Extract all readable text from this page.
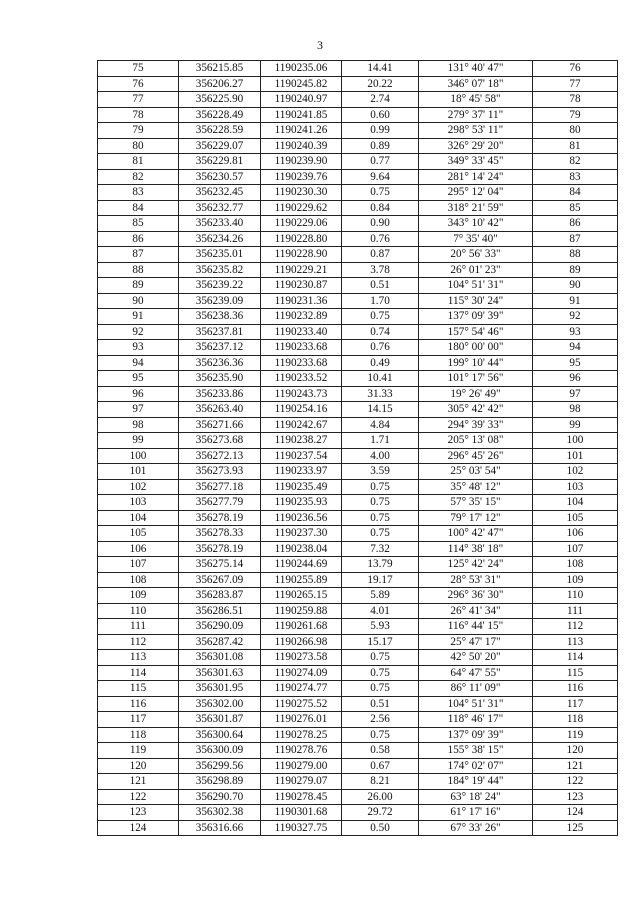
3
75	356215.85	1190235.06	14.41	131° 40' 47"	76
76	356206.27	1190245.82	20.22	346° 07' 18"	77
77	356225.90	1190240.97	2.74	18° 45' 58"	78
78	356228.49	1190241.85	0.60	279° 37' 11"	79
79	356228.59	1190241.26	0.99	298° 53' 11"	80
80	356229.07	1190240.39	0.89	326° 29' 20"	81
81	356229.81	1190239.90	0.77	349° 33' 45"	82
82	356230.57	1190239.76	9.64	281° 14' 24"	83
83	356232.45	1190230.30	0.75	295° 12' 04"	84
84	356232.77	1190229.62	0.84	318° 21' 59"	85
85	356233.40	1190229.06	0.90	343° 10' 42"	86
86	356234.26	1190228.80	0.76	7° 35' 40"	87
87	356235.01	1190228.90	0.87	20° 56' 33"	88
88	356235.82	1190229.21	3.78	26° 01' 23"	89
89	356239.22	1190230.87	0.51	104° 51' 31"	90
90	356239.09	1190231.36	1.70	115° 30' 24"	91
91	356238.36	1190232.89	0.75	137° 09' 39"	92
92	356237.81	1190233.40	0.74	157° 54' 46"	93
93	356237.12	1190233.68	0.76	180° 00' 00"	94
94	356236.36	1190233.68	0.49	199° 10' 44"	95
95	356235.90	1190233.52	10.41	101° 17' 56"	96
96	356233.86	1190243.73	31.33	19° 26' 49"	97
97	356263.40	1190254.16	14.15	305° 42' 42"	98
98	356271.66	1190242.67	4.84	294° 39' 33"	99
99	356273.68	1190238.27	1.71	205° 13' 08"	100
100	356272.13	1190237.54	4.00	296° 45' 26"	101
101	356273.93	1190233.97	3.59	25° 03' 54"	102
102	356277.18	1190235.49	0.75	35° 48' 12"	103
103	356277.79	1190235.93	0.75	57° 35' 15"	104
104	356278.19	1190236.56	0.75	79° 17' 12"	105
105	356278.33	1190237.30	0.75	100° 42' 47"	106
106	356278.19	1190238.04	7.32	114° 38' 18"	107
107	356275.14	1190244.69	13.79	125° 42' 24"	108
108	356267.09	1190255.89	19.17	28° 53' 31"	109
109	356283.87	1190265.15	5.89	296° 36' 30"	110
110	356286.51	1190259.88	4.01	26° 41' 34"	111
111	356290.09	1190261.68	5.93	116° 44' 15"	112
112	356287.42	1190266.98	15.17	25° 47' 17"	113
113	356301.08	1190273.58	0.75	42° 50' 20"	114
114	356301.63	1190274.09	0.75	64° 47' 55"	115
115	356301.95	1190274.77	0.75	86° 11' 09"	116
116	356302.00	1190275.52	0.51	104° 51' 31"	117
117	356301.87	1190276.01	2.56	118° 46' 17"	118
118	356300.64	1190278.25	0.75	137° 09' 39"	119
119	356300.09	1190278.76	0.58	155° 38' 15"	120
120	356299.56	1190279.00	0.67	174° 02' 07"	121
121	356298.89	1190279.07	8.21	184° 19' 44"	122
122	356290.70	1190278.45	26.00	63° 18' 24"	123
123	356302.38	1190301.68	29.72	61° 17' 16"	124
124	356316.66	1190327.75	0.50	67° 33' 26"	125
